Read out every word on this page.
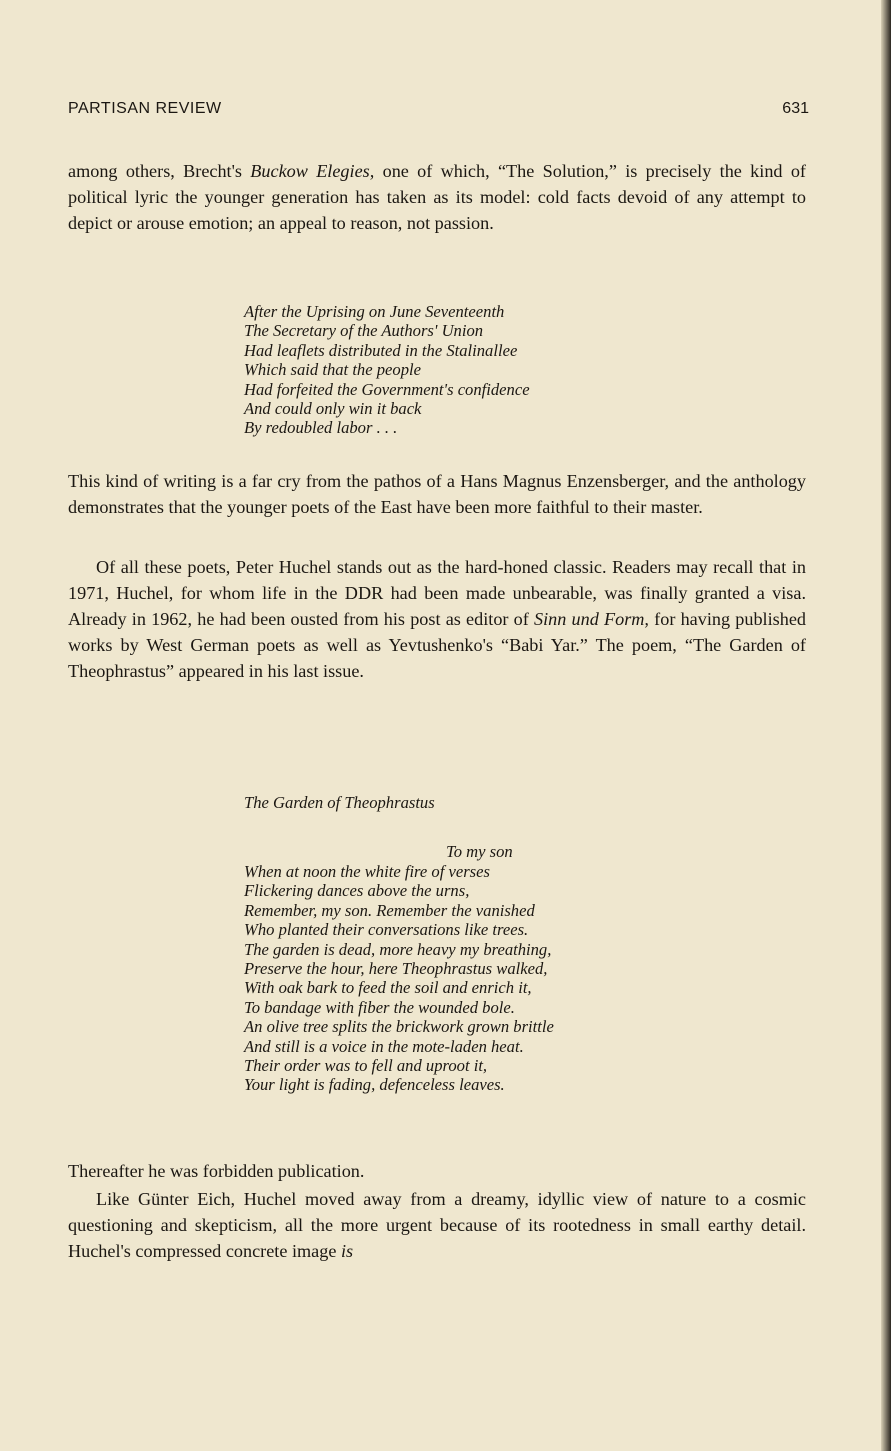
PARTISAN REVIEW	631

among others, Brecht's Buckow Elegies, one of which, “The Solution,” is precisely the kind of political lyric the younger generation has taken as its model: cold facts devoid of any attempt to depict or arouse emotion; an appeal to reason, not passion.

After the Uprising on June Seventeenth
The Secretary of the Authors' Union
Had leaflets distributed in the Stalinallee
Which said that the people
Had forfeited the Government's confidence
And could only win it back
By redoubled labor . . .

This kind of writing is a far cry from the pathos of a Hans Magnus Enzensberger, and the anthology demonstrates that the younger poets of the East have been more faithful to their master.

Of all these poets, Peter Huchel stands out as the hard-honed classic. Readers may recall that in 1971, Huchel, for whom life in the DDR had been made unbearable, was finally granted a visa. Already in 1962, he had been ousted from his post as editor of Sinn und Form, for having published works by West German poets as well as Yevtushenko's “Babi Yar.” The poem, “The Garden of Theophrastus” appeared in his last issue.

The Garden of Theophrastus
To my son
When at noon the white fire of verses
Flickering dances above the urns,
Remember, my son. Remember the vanished
Who planted their conversations like trees.
The garden is dead, more heavy my breathing,
Preserve the hour, here Theophrastus walked,
With oak bark to feed the soil and enrich it,
To bandage with fiber the wounded bole.
An olive tree splits the brickwork grown brittle
And still is a voice in the mote-laden heat.
Their order was to fell and uproot it,
Your light is fading, defenceless leaves.

Thereafter he was forbidden publication.

Like Günter Eich, Huchel moved away from a dreamy, idyllic view of nature to a cosmic questioning and skepticism, all the more urgent because of its rootedness in small earthy detail. Huchel's compressed concrete image is
